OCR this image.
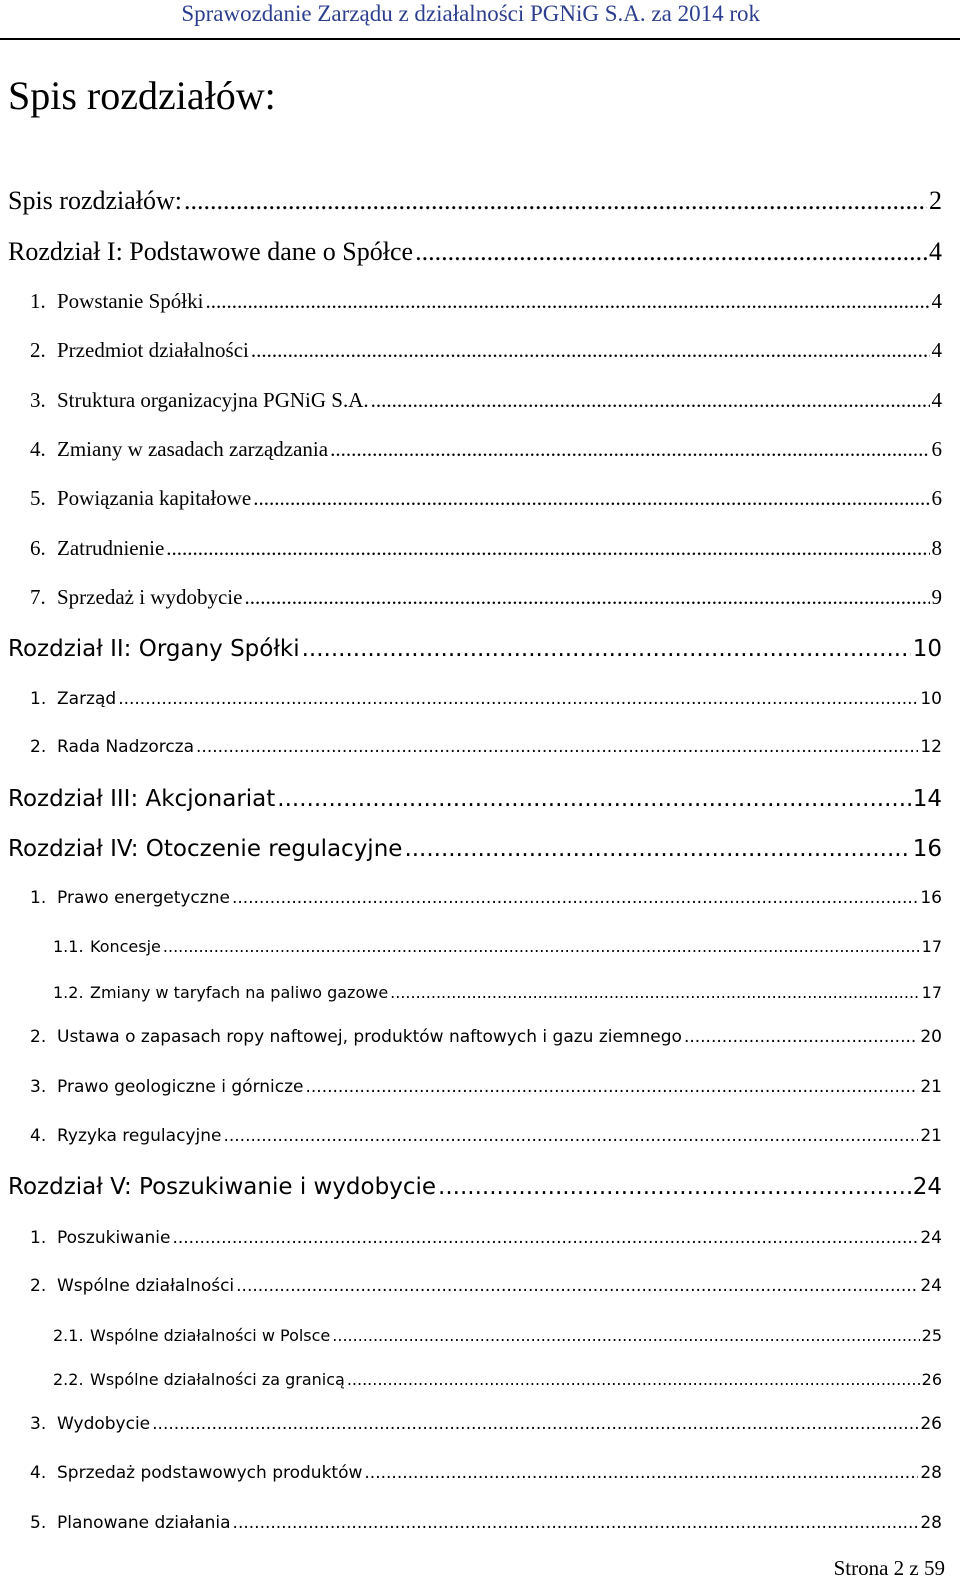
Sprawozdanie Zarządu z działalności PGNiG S.A. za 2014 rok
Spis rozdziałów:
Spis rozdziałów: .....	2
Rozdział I: Podstawowe dane o Spółce .....	4
1. Powstanie Spółki .....	4
2. Przedmiot działalności .....	4
3. Struktura organizacyjna PGNiG S.A. .....	4
4. Zmiany w zasadach zarządzania .....	6
5. Powiązania kapitałowe .....	6
6. Zatrudnienie .....	8
7. Sprzedaż i wydobycie .....	9
Rozdział II: Organy Spółki .....	10
1. Zarząd .....	10
2. Rada Nadzorcza .....	12
Rozdział III: Akcjonariat .....	14
Rozdział IV: Otoczenie regulacyjne .....	16
1. Prawo energetyczne .....	16
1.1. Koncesje .....	17
1.2. Zmiany w taryfach na paliwo gazowe .....	17
2. Ustawa o zapasach ropy naftowej, produktów naftowych i gazu ziemnego .....	20
3. Prawo geologiczne i górnicze .....	21
4. Ryzyka regulacyjne .....	21
Rozdział V: Poszukiwanie i wydobycie .....	24
1. Poszukiwanie .....	24
2. Wspólne działalności .....	24
2.1. Wspólne działalności w Polsce .....	25
2.2. Wspólne działalności za granicą .....	26
3. Wydobycie .....	26
4. Sprzedaż podstawowych produktów .....	28
5. Planowane działania .....	28
Strona 2 z 59
